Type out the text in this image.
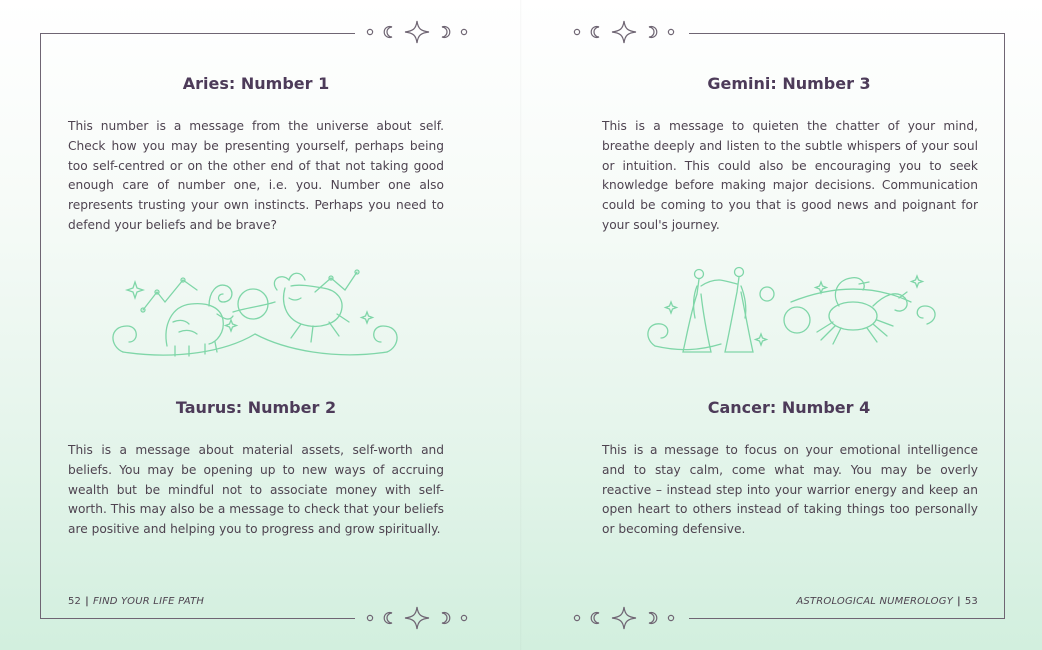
Aries: Number 1
This number is a message from the universe about self. Check how you may be presenting yourself, perhaps being too self-centred or on the other end of that not taking good enough care of number one, i.e. you. Number one also represents trusting your own instincts. Perhaps you need to defend your beliefs and be brave?
Taurus: Number 2
This is a message about material assets, self-worth and beliefs. You may be opening up to new ways of accruing wealth but be mindful not to associate money with self-worth. This may also be a message to check that your beliefs are positive and helping you to progress and grow spiritually.
52 | FIND YOUR LIFE PATH
Gemini: Number 3
This is a message to quieten the chatter of your mind, breathe deeply and listen to the subtle whispers of your soul or intuition. This could also be encouraging you to seek knowledge before making major decisions. Communication could be coming to you that is good news and poignant for your soul's journey.
Cancer: Number 4
This is a message to focus on your emotional intelligence and to stay calm, come what may. You may be overly reactive – instead step into your warrior energy and keep an open heart to others instead of taking things too personally or becoming defensive.
ASTROLOGICAL NUMEROLOGY | 53
